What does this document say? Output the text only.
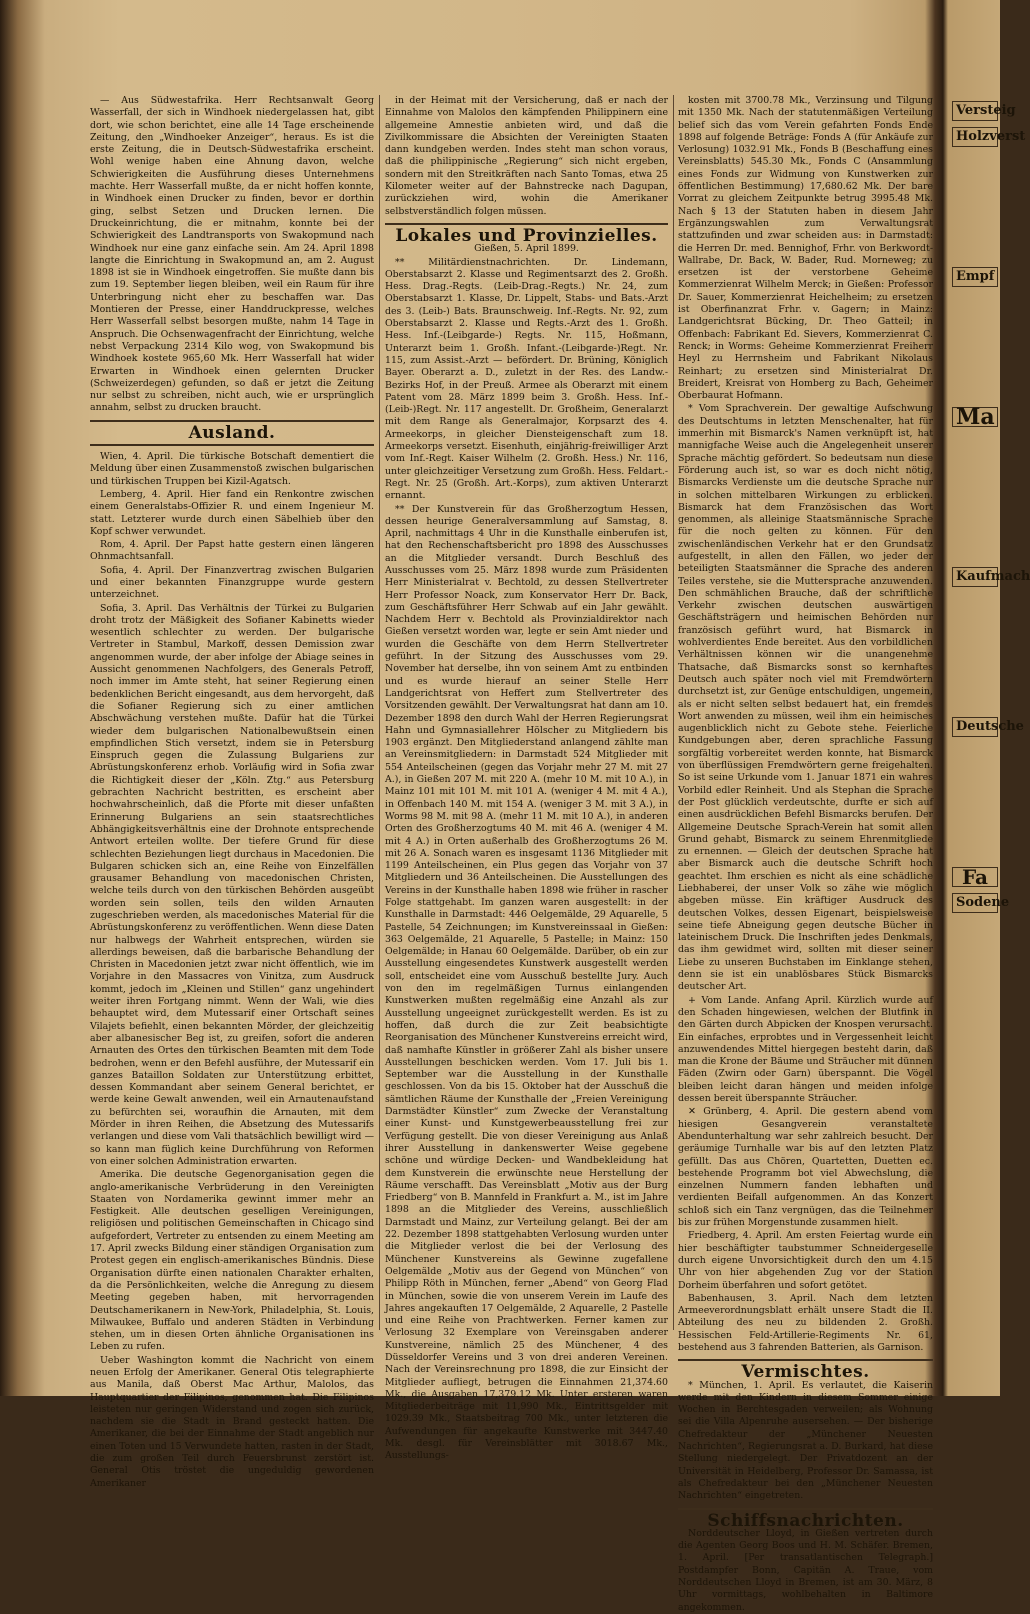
— Aus Südwestafrika. Herr Rechtsanwalt Georg Wasserfall, der sich in Windhoek niedergelassen hat, gibt dort, wie schon berichtet, eine alle 14 Tage erscheinende Zeitung, den „Windhoeker Anzeiger“, heraus. Es ist die erste Zeitung, die in Deutsch-Südwestafrika erscheint. Wohl wenige haben eine Ahnung davon, welche Schwierigkeiten die Ausführung dieses Unternehmens machte. Herr Wasserfall mußte, da er nicht hoffen konnte, in Windhoek einen Drucker zu finden, bevor er dorthin ging, selbst Setzen und Drucken lernen. Die Druckeinrichtung, die er mitnahm, konnte bei der Schwierigkeit des Landtransports von Swakopmund nach Windhoek nur eine ganz einfache sein. Am 24. April 1898 langte die Einrichtung in Swakopmund an, am 2. August 1898 ist sie in Windhoek eingetroffen. Sie mußte dann bis zum 19. September liegen bleiben, weil ein Raum für ihre Unterbringung nicht eher zu beschaffen war. Das Montieren der Presse, einer Handdruckpresse, welches Herr Wasserfall selbst besorgen mußte, nahm 14 Tage in Anspruch. Die Ochsenwagenfracht der Einrichtung, welche nebst Verpackung 2314 Kilo wog, von Swakopmund bis Windhoek kostete 965,60 Mk. Herr Wasserfall hat wider Erwarten in Windhoek einen gelernten Drucker (Schweizerdegen) gefunden, so daß er jetzt die Zeitung nur selbst zu schreiben, nicht auch, wie er ursprünglich annahm, selbst zu drucken braucht.

Ausland.

Wien, 4. April. Die türkische Botschaft dementiert die Meldung über einen Zusammenstoß zwischen bulgarischen und türkischen Truppen bei Kizil-Agatsch.

Lemberg, 4. April. Hier fand ein Renkontre zwischen einem Generalstabs-Offizier R. und einem Ingenieur M. statt. Letzterer wurde durch einen Säbelhieb über den Kopf schwer verwundet.

Rom, 4. April. Der Papst hatte gestern einen längeren Ohnmachtsanfall.

Sofia, 4. April. Der Finanzvertrag zwischen Bulgarien und einer bekannten Finanzgruppe wurde gestern unterzeichnet.

Sofia, 3. April. Das Verhältnis der Türkei zu Bulgarien droht trotz der Mäßigkeit des Sofianer Kabinetts wieder wesentlich schlechter zu werden. Der bulgarische Vertreter in Stambul, Markoff, dessen Demission zwar angenommen wurde, der aber infolge der Abiage seines in Aussicht genommenen Nachfolgers, des Generals Petroff, noch immer im Amte steht, hat seiner Regierung einen bedenklichen Bericht eingesandt, aus dem hervorgeht, daß die Sofianer Regierung sich zu einer amtlichen Abschwächung verstehen mußte. Dafür hat die Türkei wieder dem bulgarischen Nationalbewußtsein einen empfindlichen Stich versetzt, indem sie in Petersburg Einspruch gegen die Zulassung Bulgariens zur Abrüstungskonferenz erhob. Vorläufig wird in Sofia zwar die Richtigkeit dieser der „Köln. Ztg.“ aus Petersburg gebrachten Nachricht bestritten, es erscheint aber hochwahrscheinlich, daß die Pforte mit dieser unfaßten Erinnerung Bulgariens an sein staatsrechtliches Abhängigkeitsverhältnis eine der Drohnote entsprechende Antwort erteilen wollte. Der tiefere Grund für diese schlechten Beziehungen liegt durchaus in Macedonien. Die Bulgaren schicken sich an, eine Reihe von Einzelfällen grausamer Behandlung von macedonischen Christen, welche teils durch von den türkischen Behörden ausgeübt worden sein sollen, teils den wilden Arnauten zugeschrieben werden, als macedonisches Material für die Abrüstungskonferenz zu veröffentlichen. Wenn diese Daten nur halbwegs der Wahrheit entsprechen, würden sie allerdings beweisen, daß die barbarische Behandlung der Christen in Macedonien jetzt zwar nicht öffentlich, wie im Vorjahre in den Massacres von Vinitza, zum Ausdruck kommt, jedoch im „Kleinen und Stillen“ ganz ungehindert weiter ihren Fortgang nimmt. Wenn der Wali, wie dies behauptet wird, dem Mutessarif einer Ortschaft seines Vilajets befiehlt, einen bekannten Mörder, der gleichzeitig aber albanesischer Beg ist, zu greifen, sofort die anderen Arnauten des Ortes den türkischen Beamten mit dem Tode bedrohen, wenn er den Befehl ausführe, der Mutessarif ein ganzes Bataillon Soldaten zur Unterstützung erbittet, dessen Kommandant aber seinem General berichtet, er werde keine Gewalt anwenden, weil ein Arnautenaufstand zu befürchten sei, woraufhin die Arnauten, mit dem Mörder in ihren Reihen, die Absetzung des Mutessarifs verlangen und diese vom Vali thatsächlich bewilligt wird — so kann man füglich keine Durchführung von Reformen von einer solchen Administration erwarten.

Amerika. Die deutsche Gegenorganisation gegen die anglo-amerikanische Verbrüderung in den Vereinigten Staaten von Nordamerika gewinnt immer mehr an Festigkeit. Alle deutschen geselligen Vereinigungen, religiösen und politischen Gemeinschaften in Chicago sind aufgefordert, Vertreter zu entsenden zu einem Meeting am 17. April zwecks Bildung einer ständigen Organisation zum Protest gegen ein englisch-amerikanisches Bündnis. Diese Organisation dürfte einen nationalen Charakter erhalten, da die Persönlichkeiten, welche die Anregung zu diesem Meeting gegeben haben, mit hervorragenden Deutschamerikanern in New-York, Philadelphia, St. Louis, Milwaukee, Buffalo und anderen Städten in Verbindung stehen, um in diesen Orten ähnliche Organisationen ins Leben zu rufen.

Ueber Washington kommt die Nachricht von einem neuen Erfolg der Amerikaner. General Otis telegraphierte aus Manila, daß Oberst Mac Arthur, Malolos, das Hauptquartier der Filipinos, genommen hat. Die Filipinos leisteten nur geringen Widerstand und zogen sich zurück, nachdem sie die Stadt in Brand gesteckt hatten. Die Amerikaner, die bei der Einnahme der Stadt angeblich nur einen Toten und 15 Verwundete hatten, rasten in der Stadt, die zum großen Teil durch Feuersbrunst zerstört ist. General Otis tröstet die ungeduldig gewordenen Amerikaner

in der Heimat mit der Versicherung, daß er nach der Einnahme von Malolos den kämpfenden Philippinern eine allgemeine Amnestie anbieten wird, und daß die Zivilkommissare die Absichten der Vereinigten Staaten dann kundgeben werden. Indes steht man schon voraus, daß die philippinische „Regierung“ sich nicht ergeben, sondern mit den Streitkräften nach Santo Tomas, etwa 25 Kilometer weiter auf der Bahnstrecke nach Dagupan, zurückziehen wird, wohin die Amerikaner selbstverständlich folgen müssen.

Lokales und Provinzielles.

Gießen, 5. April 1899.

** Militärdienstnachrichten. Dr. Lindemann, Oberstabsarzt 2. Klasse und Regimentsarzt des 2. Großh. Hess. Drag.-Regts. (Leib-Drag.-Regts.) Nr. 24, zum Oberstabsarzt 1. Klasse, Dr. Lippelt, Stabs- und Bats.-Arzt des 3. (Leib-) Bats. Braunschweig. Inf.-Regts. Nr. 92, zum Oberstabsarzt 2. Klasse und Regts.-Arzt des 1. Großh. Hess. Inf.-(Leibgarde-) Regts. Nr. 115, Hoßmann, Unterarzt beim 1. Großh. Infant.-(Leibgarde-)Regt. Nr. 115, zum Assist.-Arzt — befördert. Dr. Brüning, Königlich Bayer. Oberarzt a. D., zuletzt in der Res. des Landw.-Bezirks Hof, in der Preuß. Armee als Oberarzt mit einem Patent vom 28. März 1899 beim 3. Großh. Hess. Inf.-(Leib-)Regt. Nr. 117 angestellt. Dr. Großheim, Generalarzt mit dem Range als Generalmajor, Korpsarzt des 4. Armeekorps, in gleicher Diensteigenschaft zum 18. Armeekorps versetzt. Eisenhuth, einjährig-freiwilliger Arzt vom Inf.-Regt. Kaiser Wilhelm (2. Großh. Hess.) Nr. 116, unter gleichzeitiger Versetzung zum Großh. Hess. Feldart.-Regt. Nr. 25 (Großh. Art.-Korps), zum aktiven Unterarzt ernannt.

** Der Kunstverein für das Großherzogtum Hessen, dessen heurige Generalversammlung auf Samstag, 8. April, nachmittags 4 Uhr in die Kunsthalle einberufen ist, hat den Rechenschaftsbericht pro 1898 des Ausschusses an die Mitglieder versandt. Durch Beschluß des Ausschusses vom 25. März 1898 wurde zum Präsidenten Herr Ministerialrat v. Bechtold, zu dessen Stellvertreter Herr Professor Noack, zum Konservator Herr Dr. Back, zum Geschäftsführer Herr Schwab auf ein Jahr gewählt. Nachdem Herr v. Bechtold als Provinzialdirektor nach Gießen versetzt worden war, legte er sein Amt nieder und wurden die Geschäfte von dem Herrn Stellvertreter geführt. In der Sitzung des Ausschusses vom 29. November hat derselbe, ihn von seinem Amt zu entbinden und es wurde hierauf an seiner Stelle Herr Landgerichtsrat von Heffert zum Stellvertreter des Vorsitzenden gewählt. Der Verwaltungsrat hat dann am 10. Dezember 1898 den durch Wahl der Herren Regierungsrat Hahn und Gymnasiallehrer Hölscher zu Mitgliedern bis 1903 ergänzt. Den Mitgliederstand anlangend zählte man an Vereinsmitgliedern: in Darmstadt 524 Mitglieder mit 554 Anteilscheinen (gegen das Vorjahr mehr 27 M. mit 27 A.), in Gießen 207 M. mit 220 A. (mehr 10 M. mit 10 A.), in Mainz 101 mit 101 M. mit 101 A. (weniger 4 M. mit 4 A.), in Offenbach 140 M. mit 154 A. (weniger 3 M. mit 3 A.), in Worms 98 M. mit 98 A. (mehr 11 M. mit 10 A.), in anderen Orten des Großherzogtums 40 M. mit 46 A. (weniger 4 M. mit 4 A.) in Orten außerhalb des Großherzogtums 26 M. mit 26 A. Sonach waren es insgesamt 1136 Mitglieder mit 1199 Anteilscheinen, ein Plus gegen das Vorjahr von 37 Mitgliedern und 36 Anteilscheinen. Die Ausstellungen des Vereins in der Kunsthalle haben 1898 wie früher in rascher Folge stattgehabt. Im ganzen waren ausgestellt: in der Kunsthalle in Darmstadt: 446 Oelgemälde, 29 Aquarelle, 5 Pastelle, 54 Zeichnungen; im Kunstvereinssaal in Gießen: 363 Oelgemälde, 21 Aquarelle, 5 Pastelle; in Mainz: 150 Oelgemälde; in Hanau 60 Oelgemälde. Darüber, ob ein zur Ausstellung eingesendetes Kunstwerk ausgestellt werden soll, entscheidet eine vom Ausschuß bestellte Jury. Auch von den im regelmäßigen Turnus einlangenden Kunstwerken mußten regelmäßig eine Anzahl als zur Ausstellung ungeeignet zurückgestellt werden. Es ist zu hoffen, daß durch die zur Zeit beabsichtigte Reorganisation des Münchener Kunstvereins erreicht wird, daß namhafte Künstler in größerer Zahl als bisher unsere Ausstellungen beschicken werden. Vom 17. Juli bis 1. September war die Ausstellung in der Kunsthalle geschlossen. Von da bis 15. Oktober hat der Ausschuß die sämtlichen Räume der Kunsthalle der „Freien Vereinigung Darmstädter Künstler“ zum Zwecke der Veranstaltung einer Kunst- und Kunstgewerbeausstellung frei zur Verfügung gestellt. Die von dieser Vereinigung aus Anlaß ihrer Ausstellung in dankenswerter Weise gegebene schöne und würdige Decken- und Wandbekleidung hat dem Kunstverein die erwünschte neue Herstellung der Räume verschafft. Das Vereinsblatt „Motiv aus der Burg Friedberg“ von B. Mannfeld in Frankfurt a. M., ist im Jahre 1898 an die Mitglieder des Vereins, ausschließlich Darmstadt und Mainz, zur Verteilung gelangt. Bei der am 22. Dezember 1898 stattgehabten Verlosung wurden unter die Mitglieder verlost die bei der Verlosung des Münchener Kunstvereins als Gewinne zugefallene Oelgemälde „Motiv aus der Gegend von München“ von Philipp Röth in München, ferner „Abend“ von Georg Flad in München, sowie die von unserem Verein im Laufe des Jahres angekauften 17 Oelgemälde, 2 Aquarelle, 2 Pastelle und eine Reihe von Prachtwerken. Ferner kamen zur Verlosung 32 Exemplare von Vereinsgaben anderer Kunstvereine, nämlich 25 des Münchener, 4 des Düsseldorfer Vereins und 3 von drei anderen Vereinen. Nach der Vereinsrechnung pro 1898, die zur Einsicht der Mitglieder aufliegt, betrugen die Einnahmen 21,374.60 Mk., die Ausgaben 17,379.12 Mk. Unter ersteren waren Mitgliederbeiträge mit 11,990 Mk., Eintrittsgelder mit 1029.39 Mk., Staatsbeitrag 700 Mk., unter letzteren die Aufwendungen für angekaufte Kunstwerke mit 3447.40 Mk. desgl. für Vereinsblätter mit 3018.67 Mk., Ausstellungs-

kosten mit 3700.78 Mk., Verzinsung und Tilgung mit 1350 Mk. Nach der statutenmäßigen Verteilung belief sich das vom Verein gefahrten Fonds Ende 1898 auf folgende Beträge: Fonds A (für Ankäufe zur Verlosung) 1032.91 Mk., Fonds B (Beschaffung eines Vereinsblatts) 545.30 Mk., Fonds C (Ansammlung eines Fonds zur Widmung von Kunstwerken zur öffentlichen Bestimmung) 17,680.62 Mk. Der bare Vorrat zu gleichem Zeitpunkte betrug 3995.48 Mk. Nach § 13 der Statuten haben in diesem Jahr Ergänzungswahlen zum Verwaltungsrat stattzufinden und zwar scheiden aus: in Darmstadt: die Herren Dr. med. Bennighof, Frhr. von Berkwordt-Wallrabe, Dr. Back, W. Bader, Rud. Morneweg; zu ersetzen ist der verstorbene Geheime Kommerzienrat Wilhelm Merck; in Gießen: Professor Dr. Sauer, Kommerzienrat Heichelheim; zu ersetzen ist Oberfinanzrat Frhr. v. Gagern; in Mainz: Landgerichtsrat Bücking, Dr. Theo Gatteil; in Offenbach: Fabrikant Ed. Sievers, Kommerzienrat C. Renck; in Worms: Geheime Kommerzienrat Freiherr Heyl zu Herrnsheim und Fabrikant Nikolaus Reinhart; zu ersetzen sind Ministerialrat Dr. Breidert, Kreisrat von Homberg zu Bach, Geheimer Oberbaurat Hofmann.

* Vom Sprachverein. Der gewaltige Aufschwung des Deutschtums in letzten Menschenalter, hat für immerhin mit Bismarck's Namen verknüpft ist, hat mannigfache Weise auch die Angelegenheit unserer Sprache mächtig gefördert. So bedeutsam nun diese Förderung auch ist, so war es doch nicht nötig, Bismarcks Verdienste um die deutsche Sprache nur in solchen mittelbaren Wirkungen zu erblicken. Bismarck hat dem Französischen das Wort genommen, als alleinige Staatsmännische Sprache für die noch gelten zu können. Für den zwischenländischen Verkehr hat er den Grundsatz aufgestellt, in allen den Fällen, wo jeder der beteiligten Staatsmänner die Sprache des anderen Teiles verstehe, sie die Muttersprache anzuwenden. Den schmählichen Brauche, daß der schriftliche Verkehr zwischen deutschen auswärtigen Geschäftsträgern und heimischen Behörden nur französisch geführt wurd, hat Bismarck in wohlverdientes Ende bereitet. Aus den vorbildlichen Verhältnissen können wir die unangenehme Thatsache, daß Bismarcks sonst so kernhaftes Deutsch auch später noch viel mit Fremdwörtern durchsetzt ist, zur Genüge entschuldigen, ungemein, als er nicht selten selbst bedauert hat, ein fremdes Wort anwenden zu müssen, weil ihm ein heimisches augenblicklich nicht zu Gebote stehe. Feierliche Kundgebungen aber, deren sprachliche Fassung sorgfältig vorbereitet werden konnte, hat Bismarck von überflüssigen Fremdwörtern gerne freigehalten. So ist seine Urkunde vom 1. Januar 1871 ein wahres Vorbild edler Reinheit. Und als Stephan die Sprache der Post glücklich verdeutschte, durfte er sich auf einen ausdrücklichen Befehl Bismarcks berufen. Der Allgemeine Deutsche Sprach-Verein hat somit allen Grund gehabt, Bismarck zu seinem Ehrenmitgliede zu ernennen. — Gleich der deutschen Sprache hat aber Bismarck auch die deutsche Schrift hoch geachtet. Ihm erschien es nicht als eine schädliche Liebhaberei, der unser Volk so zähe wie möglich abgeben müsse. Ein kräftiger Ausdruck des deutschen Volkes, dessen Eigenart, beispielsweise seine tiefe Abneigung gegen deutsche Bücher in lateinischem Druck. Die Inschriften jedes Denkmals, das ihm gewidmet wird, sollten mit dieser seiner Liebe zu unseren Buchstaben im Einklange stehen, denn sie ist ein unablösbares Stück Bismarcks deutscher Art.

+ Vom Lande. Anfang April. Kürzlich wurde auf den Schaden hingewiesen, welchen der Blutfink in den Gärten durch Abpicken der Knospen verursacht. Ein einfaches, erprobtes und in Vergessenheit leicht anzuwendendes Mittel hiergegen besteht darin, daß man die Krone der Bäume und Sträucher mit dünnen Fäden (Zwirn oder Garn) überspannt. Die Vögel bleiben leicht daran hängen und meiden infolge dessen bereit überspannte Sträucher.

✕ Grünberg, 4. April. Die gestern abend vom hiesigen Gesangverein veranstaltete Abendunterhaltung war sehr zahlreich besucht. Der geräumige Turnhalle war bis auf den letzten Platz gefüllt. Das aus Chören, Quartetten, Duetten ec. bestehende Programm bot viel Abwechslung, die einzelnen Nummern fanden lebhaften und verdienten Beifall aufgenommen. An das Konzert schloß sich ein Tanz vergnügen, das die Teilnehmer bis zur frühen Morgenstunde zusammen hielt.

Friedberg, 4. April. Am ersten Feiertag wurde ein hier beschäftigter taubstummer Schneidergeselle durch eigene Unvorsichtigkeit durch den um 4.15 Uhr von hier abgehenden Zug vor der Station Dorheim überfahren und sofort getötet.

Babenhausen, 3. April. Nach dem letzten Armeeverordnungsblatt erhält unsere Stadt die II. Abteilung des neu zu bildenden 2. Großh. Hessischen Feld-Artillerie-Regiments Nr. 61, bestehend aus 3 fahrenden Batterien, als Garnison.

Vermischtes.

* München, 1. April. Es verlautet, die Kaiserin werde mit den Kindern in diesem Sommer einige Wochen in Berchtesgaden verweilen; als Wohnung sei die Villa Alpenruhe ausersehen. — Der bisherige Chefredakteur der „Münchener Neuesten Nachrichten“, Regierungsrat a. D. Burkard, hat diese Stellung niedergelegt. Der Privatdozent an der Universität in Heidelberg, Professor Dr. Samassa, ist als Chefredakteur bei den „Münchener Neuesten Nachrichten“ eingetreten.

Schiffsnachrichten.

Norddeutscher Lloyd, in Gießen vertreten durch die Agenten Georg Boos und H. M. Schäfer. Bremen, 1. April. [Per transatlantischen Telegraph.] Postdampfer Bonn, Capitän A. Traue, vom Norddeutschen Lloyd in Bremen, ist am 30. März, 8 Uhr vormittags, wohlbehalten in Baltimore angekommen.

Versteig
Holzverst
Empf
Ma
Kaufmach
Deutsche
Fa
Sodene
